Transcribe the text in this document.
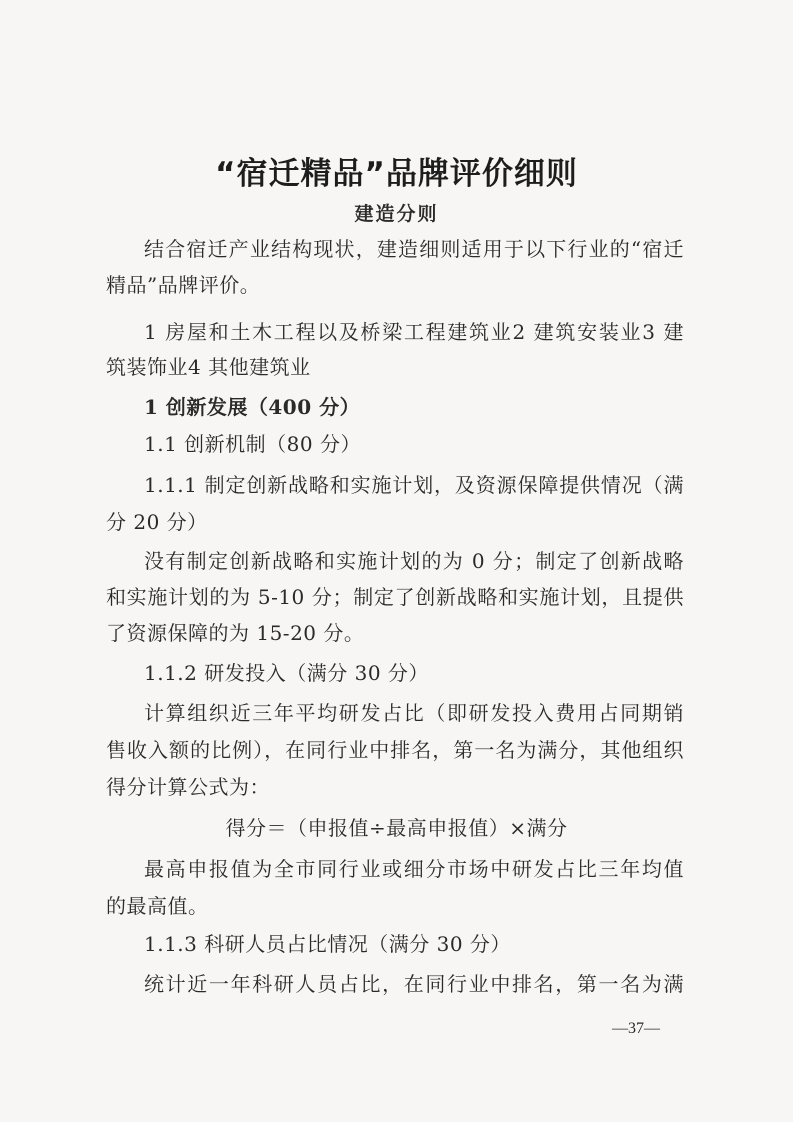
“宿迁精品”品牌评价细则
建造分则
结合宿迁产业结构现状，建造细则适用于以下行业的“宿迁
精品”品牌评价。
1 房屋和土木工程以及桥梁工程建筑业2 建筑安装业3 建
筑装饰业4 其他建筑业
1 创新发展（400 分）
1.1 创新机制（80 分）
1.1.1 制定创新战略和实施计划，及资源保障提供情况（满
分 20 分）
没有制定创新战略和实施计划的为 0 分；制定了创新战略
和实施计划的为 5-10 分；制定了创新战略和实施计划，且提供
了资源保障的为 15-20 分。
1.1.2 研发投入（满分 30 分）
计算组织近三年平均研发占比（即研发投入费用占同期销
售收入额的比例），在同行业中排名，第一名为满分，其他组织
得分计算公式为：
得分＝（申报值÷最高申报值）×满分
最高申报值为全市同行业或细分市场中研发占比三年均值
的最高值。
1.1.3 科研人员占比情况（满分 30 分）
统计近一年科研人员占比，在同行业中排名，第一名为满
—37—
